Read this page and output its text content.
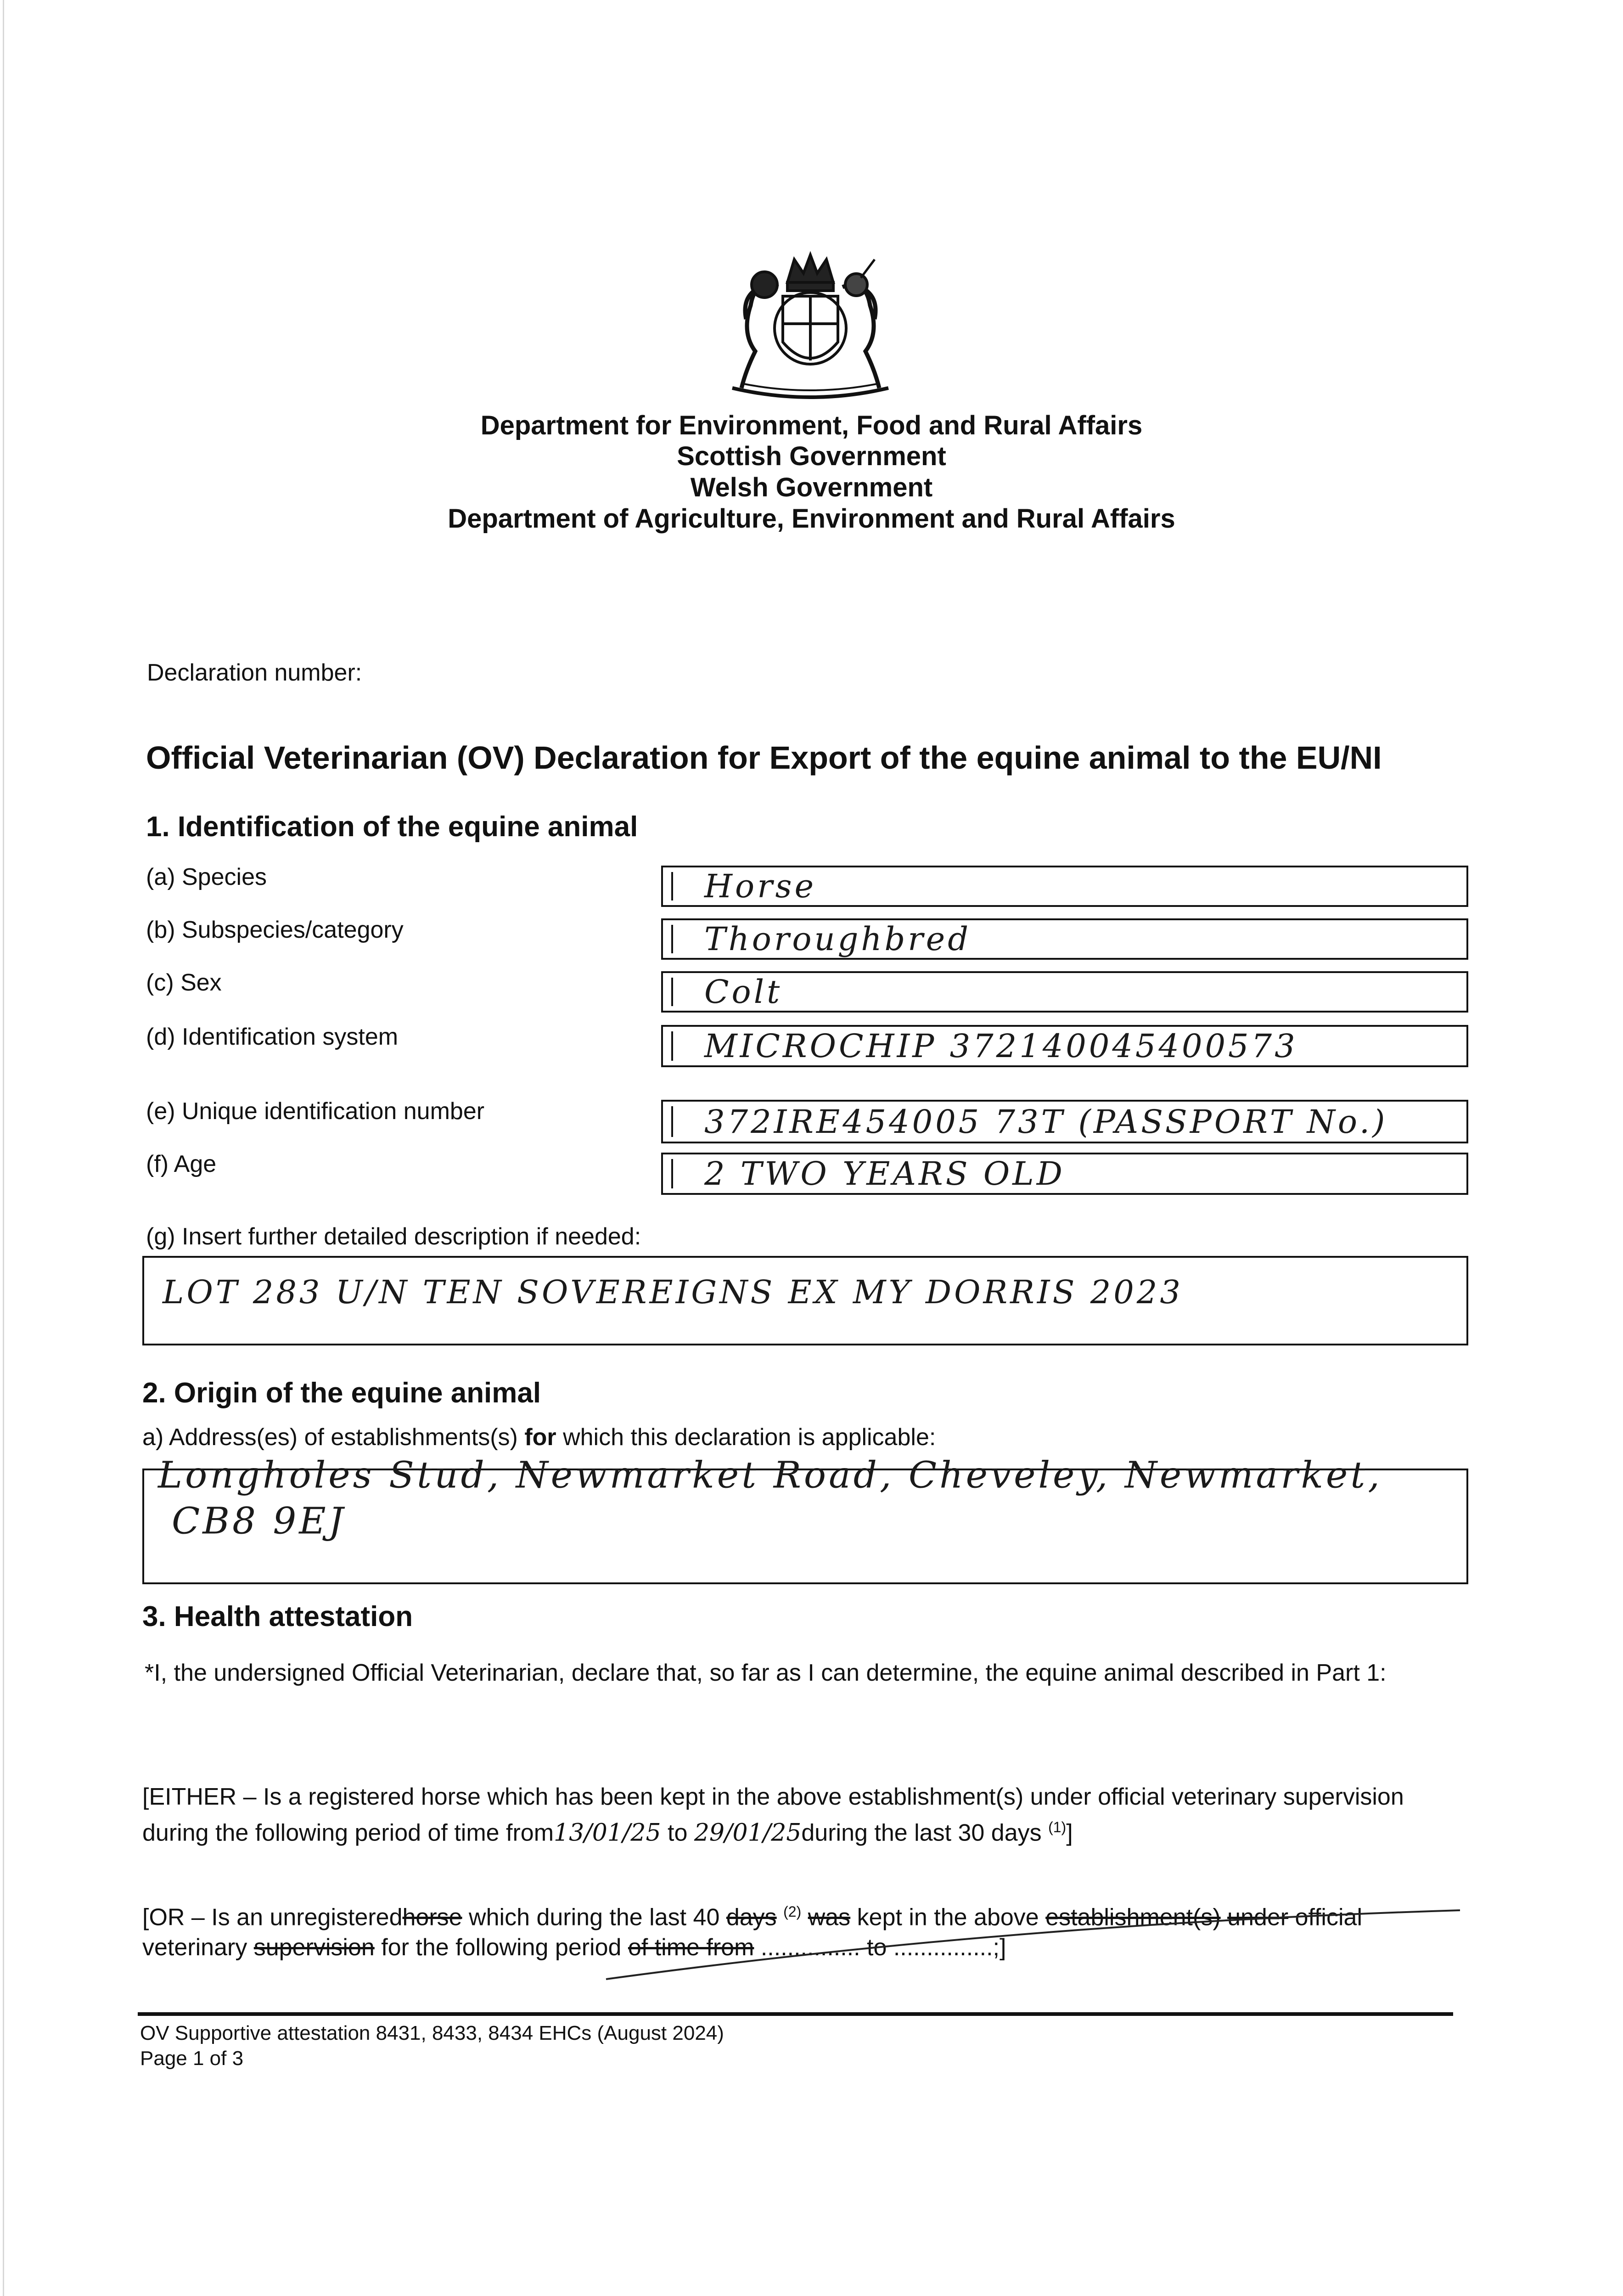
Department for Environment, Food and Rural Affairs
Scottish Government
Welsh Government
Department of Agriculture, Environment and Rural Affairs
Declaration number:
Official Veterinarian (OV) Declaration for Export of the equine animal to the EU/NI
1. Identification of the equine animal
(a) Species	Horse
(b) Subspecies/category	Thoroughbred
(c) Sex	Colt
(d) Identification system	MICROCHIP 372140045400573
(e) Unique identification number	372IRE454005 73T (PASSPORT No.)
(f) Age	2 TWO YEARS OLD
(g) Insert further detailed description if needed:
LOT 283 U/N TEN SOVEREIGNS EX MY DORRIS 2023
2. Origin of the equine animal
a) Address(es) of establishments(s) for which this declaration is applicable:
Longholes Stud, Newmarket Road, Cheveley, Newmarket,
CB8 9EJ
3. Health attestation
*I, the undersigned Official Veterinarian, declare that, so far as I can determine, the equine animal described in Part 1:
[EITHER – Is a registered horse which has been kept in the above establishment(s) under official veterinary supervision during the following period of time from13/01/25 to 29/01/25during the last 30 days $^{(1)}$]
[OR – Is an unregisteredhorse which during the last 40 days $^{(2)}$ was kept in the above establishment(s) under official veterinary supervision for the following period of time from ............... to ...............;]
OV Supportive attestation 8431, 8433, 8434 EHCs (August 2024)
Page 1 of 3
